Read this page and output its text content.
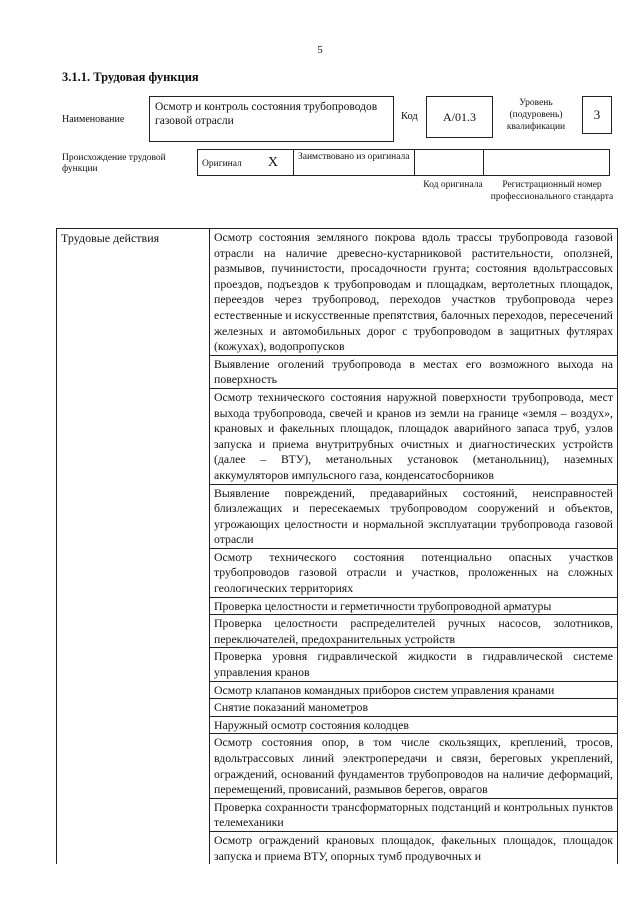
5
3.1.1. Трудовая функция
Наименование
Осмотр и контроль состояния трубопроводов газовой отрасли	Код	А/01.3
Уровень (подуровень) квалификации
3
Происхождение трудовой функции
Оригинал X	Заимствовано из оригинала		
Код оригинала	Регистрационный номер профессионального стандарта
Трудовые действия	Осмотр состояния земляного покрова вдоль трассы трубопровода газовой отрасли на наличие древесно-кустарниковой растительности, оползней, размывов, пучинистости, просадочности грунта; состояния вдольтрассовых проездов, подъездов к трубопроводам и площадкам, вертолетных площадок, переездов через трубопровод, переходов участков трубопровода через естественные и искусственные препятствия, балочных переходов, пересечений железных и автомобильных дорог с трубопроводом в защитных футлярах (кожухах), водопропусков
Выявление оголений трубопровода в местах его возможного выхода на поверхность
Осмотр технического состояния наружной поверхности трубопровода, мест выхода трубопровода, свечей и кранов из земли на границе «земля – воздух», крановых и факельных площадок, площадок аварийного запаса труб, узлов запуска и приема внутритрубных очистных и диагностических устройств (далее – ВТУ), метанольных установок (метанольниц), наземных аккумуляторов импульсного газа, конденсатосборников
Выявление повреждений, предаварийных состояний, неисправностей близлежащих и пересекаемых трубопроводом сооружений и объектов, угрожающих целостности и нормальной эксплуатации трубопровода газовой отрасли
Осмотр технического состояния потенциально опасных участков трубопроводов газовой отрасли и участков, проложенных на сложных геологических территориях
Проверка целостности и герметичности трубопроводной арматуры
Проверка целостности распределителей ручных насосов, золотников, переключателей, предохранительных устройств
Проверка уровня гидравлической жидкости в гидравлической системе управления кранов
Осмотр клапанов командных приборов систем управления кранами
Снятие показаний манометров
Наружный осмотр состояния колодцев
Осмотр состояния опор, в том числе скользящих, креплений, тросов, вдольтрассовых линий электропередачи и связи, береговых укреплений, ограждений, оснований фундаментов трубопроводов на наличие деформаций, перемещений, провисаний, размывов берегов, оврагов
Проверка сохранности трансформаторных подстанций и контрольных пунктов телемеханики
Осмотр ограждений крановых площадок, факельных площадок, площадок запуска и приема ВТУ, опорных тумб продувочных и
